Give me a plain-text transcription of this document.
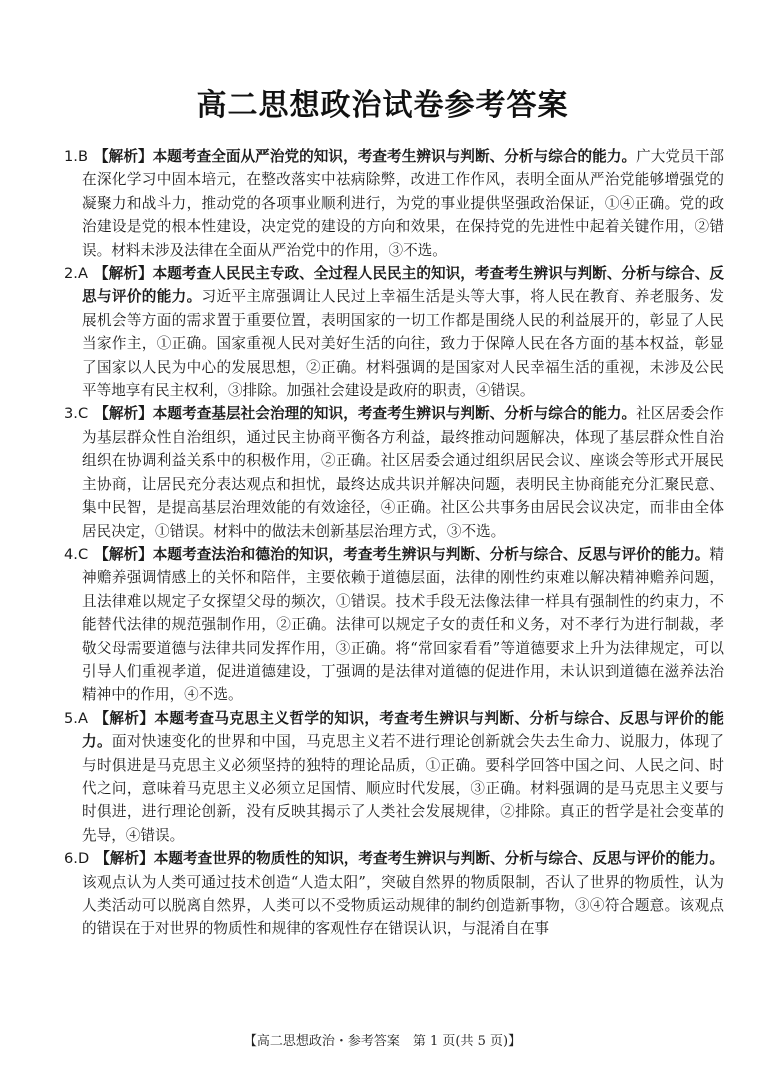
高二思想政治试卷参考答案

1.B 【解析】本题考查全面从严治党的知识，考查考生辨识与判断、分析与综合的能力。广大党员干部在深化学习中固本培元，在整改落实中祛病除弊，改进工作作风，表明全面从严治党能够增强党的凝聚力和战斗力，推动党的各项事业顺利进行，为党的事业提供坚强政治保证，①④正确。党的政治建设是党的根本性建设，决定党的建设的方向和效果，在保持党的先进性中起着关键作用，②错误。材料未涉及法律在全面从严治党中的作用，③不选。

2.A 【解析】本题考查人民民主专政、全过程人民民主的知识，考查考生辨识与判断、分析与综合、反思与评价的能力。习近平主席强调让人民过上幸福生活是头等大事，将人民在教育、养老服务、发展机会等方面的需求置于重要位置，表明国家的一切工作都是围绕人民的利益展开的，彰显了人民当家作主，①正确。国家重视人民对美好生活的向往，致力于保障人民在各方面的基本权益，彰显了国家以人民为中心的发展思想，②正确。材料强调的是国家对人民幸福生活的重视，未涉及公民平等地享有民主权利，③排除。加强社会建设是政府的职责，④错误。

3.C 【解析】本题考查基层社会治理的知识，考查考生辨识与判断、分析与综合的能力。社区居委会作为基层群众性自治组织，通过民主协商平衡各方利益，最终推动问题解决，体现了基层群众性自治组织在协调利益关系中的积极作用，②正确。社区居委会通过组织居民会议、座谈会等形式开展民主协商，让居民充分表达观点和担忧，最终达成共识并解决问题，表明民主协商能充分汇聚民意、集中民智，是提高基层治理效能的有效途径，④正确。社区公共事务由居民会议决定，而非由全体居民决定，①错误。材料中的做法未创新基层治理方式，③不选。

4.C 【解析】本题考查法治和德治的知识，考查考生辨识与判断、分析与综合、反思与评价的能力。精神赡养强调情感上的关怀和陪伴，主要依赖于道德层面，法律的刚性约束难以解决精神赡养问题，且法律难以规定子女探望父母的频次，①错误。技术手段无法像法律一样具有强制性的约束力，不能替代法律的规范强制作用，②正确。法律可以规定子女的责任和义务，对不孝行为进行制裁，孝敬父母需要道德与法律共同发挥作用，③正确。将“常回家看看”等道德要求上升为法律规定，可以引导人们重视孝道，促进道德建设，丁强调的是法律对道德的促进作用，未认识到道德在滋养法治精神中的作用，④不选。

5.A 【解析】本题考查马克思主义哲学的知识，考查考生辨识与判断、分析与综合、反思与评价的能力。面对快速变化的世界和中国，马克思主义若不进行理论创新就会失去生命力、说服力，体现了与时俱进是马克思主义必须坚持的独特的理论品质，①正确。要科学回答中国之问、人民之问、时代之问，意味着马克思主义必须立足国情、顺应时代发展，③正确。材料强调的是马克思主义要与时俱进，进行理论创新，没有反映其揭示了人类社会发展规律，②排除。真正的哲学是社会变革的先导，④错误。

6.D 【解析】本题考查世界的物质性的知识，考查考生辨识与判断、分析与综合、反思与评价的能力。该观点认为人类可通过技术创造“人造太阳”，突破自然界的物质限制，否认了世界的物质性，认为人类活动可以脱离自然界，人类可以不受物质运动规律的制约创造新事物，③④符合题意。该观点的错误在于对世界的物质性和规律的客观性存在错误认识，与混淆自在事

【高二思想政治・参考答案　第 1 页(共 5 页)】
